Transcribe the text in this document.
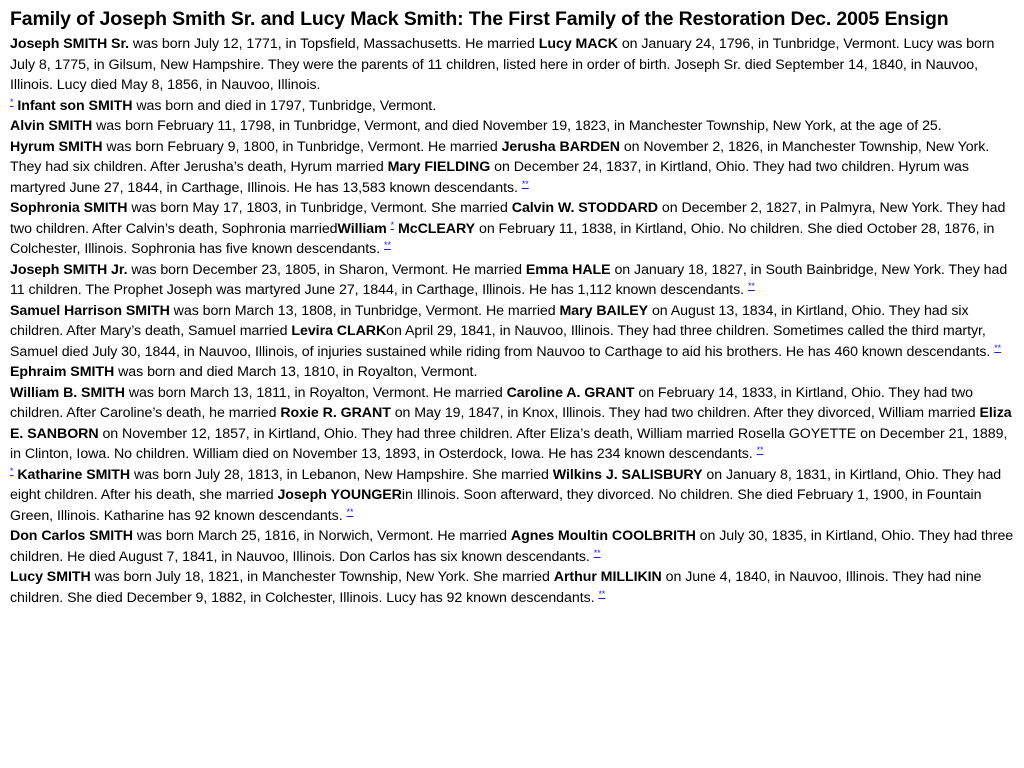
Family of Joseph Smith Sr. and Lucy Mack Smith: The First Family of the Restoration Dec. 2005 Ensign

Joseph SMITH Sr. was born July 12, 1771, in Topsfield, Massachusetts. He married Lucy MACK on January 24, 1796, in Tunbridge, Vermont. Lucy was born July 8, 1775, in Gilsum, New Hampshire. They were the parents of 11 children, listed here in order of birth. Joseph Sr. died September 14, 1840, in Nauvoo, Illinois. Lucy died May 8, 1856, in Nauvoo, Illinois.

* Infant son SMITH was born and died in 1797, Tunbridge, Vermont.

Alvin SMITH was born February 11, 1798, in Tunbridge, Vermont, and died November 19, 1823, in Manchester Township, New York, at the age of 25.

Hyrum SMITH was born February 9, 1800, in Tunbridge, Vermont. He married Jerusha BARDEN on November 2, 1826, in Manchester Township, New York. They had six children. After Jerusha’s death, Hyrum married Mary FIELDING on December 24, 1837, in Kirtland, Ohio. They had two children. Hyrum was martyred June 27, 1844, in Carthage, Illinois. He has 13,583 known descendants. **

Sophronia SMITH was born May 17, 1803, in Tunbridge, Vermont. She married Calvin W. STODDARD on December 2, 1827, in Palmyra, New York. They had two children. After Calvin’s death, Sophronia marriedWilliam * McCLEARY on February 11, 1838, in Kirtland, Ohio. No children. She died October 28, 1876, in Colchester, Illinois. Sophronia has five known descendants. **

Joseph SMITH Jr. was born December 23, 1805, in Sharon, Vermont. He married Emma HALE on January 18, 1827, in South Bainbridge, New York. They had 11 children. The Prophet Joseph was martyred June 27, 1844, in Carthage, Illinois. He has 1,112 known descendants. **

Samuel Harrison SMITH was born March 13, 1808, in Tunbridge, Vermont. He married Mary BAILEY on August 13, 1834, in Kirtland, Ohio. They had six children. After Mary’s death, Samuel married Levira CLARKon April 29, 1841, in Nauvoo, Illinois. They had three children. Sometimes called the third martyr, Samuel died July 30, 1844, in Nauvoo, Illinois, of injuries sustained while riding from Nauvoo to Carthage to aid his brothers. He has 460 known descendants. **

Ephraim SMITH was born and died March 13, 1810, in Royalton, Vermont.

William B. SMITH was born March 13, 1811, in Royalton, Vermont. He married Caroline A. GRANT on February 14, 1833, in Kirtland, Ohio. They had two children. After Caroline’s death, he married Roxie R. GRANT on May 19, 1847, in Knox, Illinois. They had two children. After they divorced, William married Eliza E. SANBORN on November 12, 1857, in Kirtland, Ohio. They had three children. After Eliza’s death, William married Rosella GOYETTE on December 21, 1889, in Clinton, Iowa. No children. William died on November 13, 1893, in Osterdock, Iowa. He has 234 known descendants. **

* Katharine SMITH was born July 28, 1813, in Lebanon, New Hampshire. She married Wilkins J. SALISBURY on January 8, 1831, in Kirtland, Ohio. They had eight children. After his death, she married Joseph YOUNGERin Illinois. Soon afterward, they divorced. No children. She died February 1, 1900, in Fountain Green, Illinois. Katharine has 92 known descendants. **

Don Carlos SMITH was born March 25, 1816, in Norwich, Vermont. He married Agnes Moultin COOLBRITH on July 30, 1835, in Kirtland, Ohio. They had three children. He died August 7, 1841, in Nauvoo, Illinois. Don Carlos has six known descendants. **

Lucy SMITH was born July 18, 1821, in Manchester Township, New York. She married Arthur MILLIKIN on June 4, 1840, in Nauvoo, Illinois. They had nine children. She died December 9, 1882, in Colchester, Illinois. Lucy has 92 known descendants. **
